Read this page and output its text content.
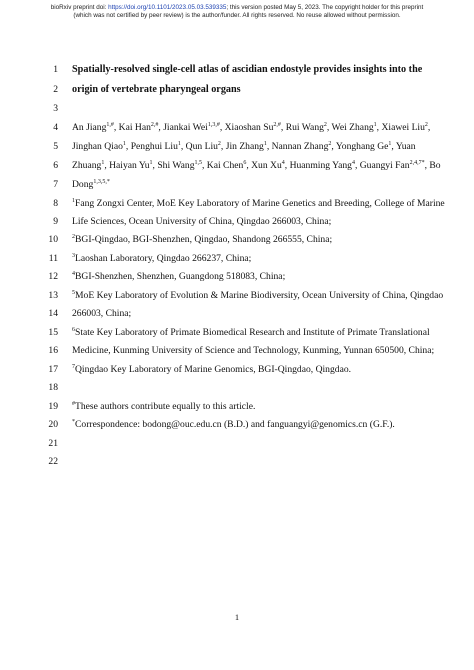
bioRxiv preprint doi: https://doi.org/10.1101/2023.05.03.539335; this version posted May 5, 2023. The copyright holder for this preprint
(which was not certified by peer review) is the author/funder. All rights reserved. No reuse allowed without permission.
1 Spatially-resolved single-cell atlas of ascidian endostyle provides insights into the
2 origin of vertebrate pharyngeal organs
3
4 An Jiang$^{1,\#}$, Kai Han$^{2,\#}$, Jiankai Wei$^{1,3,\#}$, Xiaoshan $Su^{2,\#}$, Rui Wang$^2$, Wei Zhang$^1$, Xiawei Liu$^2$,
5 Jinghan Qiao$^1$, Penghui Liu$^1$, Qun Liu$^2$, Jin Zhang$^1$, Nannan Zhang$^2$, Yonghang Ge$^1$, Yuan
6 Zhuang$^1$, Haiyan Yu$^1$, Shi Wang$^{1,5}$, Kai Chen$^6$, Xun Xu$^4$, Huanming Yang$^4$, Guangyi Fan$^{2,4,7*}$, Bo
7 Dong$^{1,3,5,*}$
8 $^1$Fang Zongxi Center, MoE Key Laboratory of Marine Genetics and Breeding, College of Marine
9 Life Sciences, Ocean University of China, Qingdao 266003, China;
10 $^2$BGI-Qingdao, BGI-Shenzhen, Qingdao, Shandong 266555, China;
11 $^3$Laoshan Laboratory, Qingdao 266237, China;
12 $^4$BGI-Shenzhen, Shenzhen, Guangdong 518083, China;
13 $^5$MoE Key Laboratory of Evolution & Marine Biodiversity, Ocean University of China, Qingdao
14 266003, China;
15 $^6$State Key Laboratory of Primate Biomedical Research and Institute of Primate Translational
16 Medicine, Kunming University of Science and Technology, Kunming, Yunnan 650500, China;
17 $^7$Qingdao Key Laboratory of Marine Genomics, BGI-Qingdao, Qingdao.
18
19 #These authors contribute equally to this article.
20 *Correspondence: bodong@ouc.edu.cn (B.D.) and fanguangyi@genomics.cn (G.F.).
21
22
1
